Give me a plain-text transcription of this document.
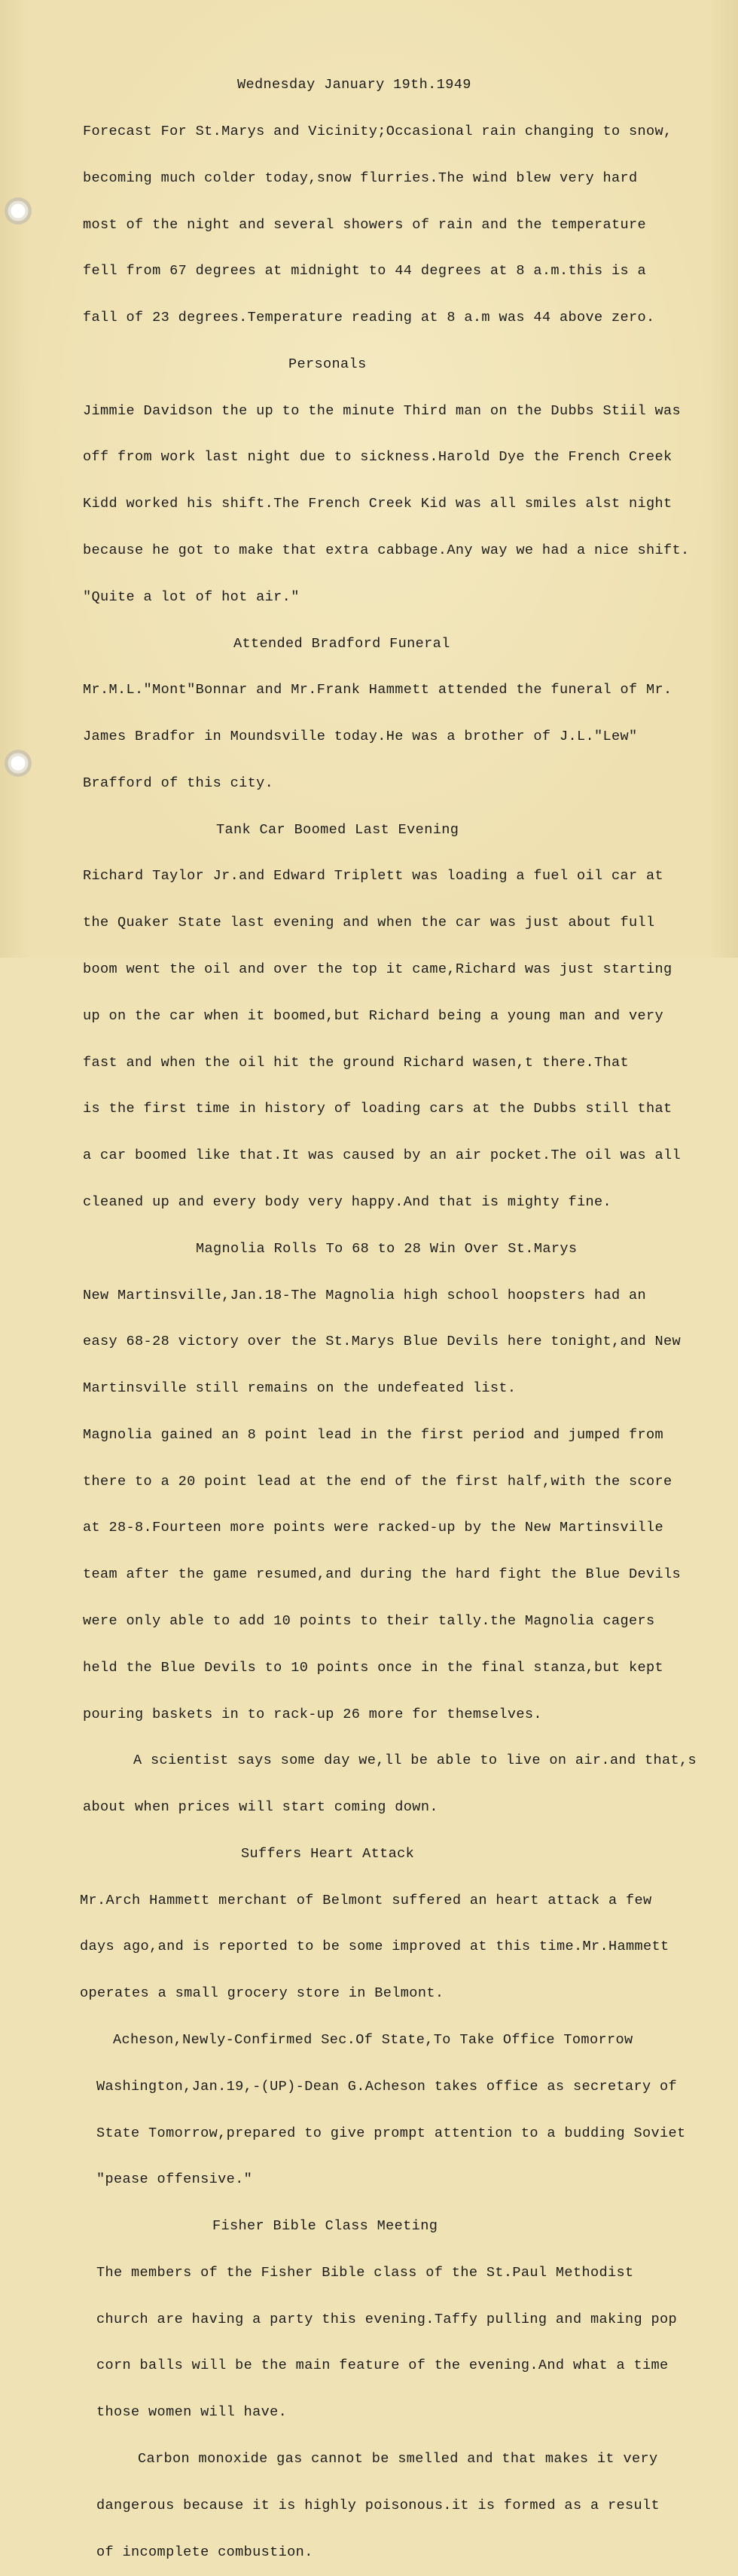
Wednesday January 19th.1949

Forecast For St.Marys and Vicinity;Occasional rain changing to snow,

becoming much colder today,snow flurries.The wind blew very hard

most of the night and several showers of rain and the temperature

fell from 67 degrees at midnight to 44 degrees at 8 a.m.this is a

fall of 23 degrees.Temperature reading at 8 a.m was 44 above zero.

Personals

Jimmie Davidson the up to the minute Third man on the Dubbs Stiil was

off from work last night due to sickness.Harold Dye the French Creek

Kidd worked his shift.The French Creek Kid was all smiles alst night

because he got to make that extra cabbage.Any way we had a nice shift.

"Quite a lot of hot air."

Attended Bradford Funeral

Mr.M.L."Mont"Bonnar and Mr.Frank Hammett attended the funeral of Mr.

James Bradfor in Moundsville today.He was a brother of J.L."Lew"

Brafford of this city.

Tank Car Boomed Last Evening

Richard Taylor Jr.and Edward Triplett was loading a fuel oil car at

the Quaker State last evening and when the car was just about full

boom went the oil and over the top it came,Richard was just starting

up on the car when it boomed,but Richard being a young man and very

fast and when the oil hit the ground Richard wasen,t there.That

is the first time in history of loading cars at the Dubbs still that

a car boomed like that.It was caused by an air pocket.The oil was all

cleaned up and every body very happy.And that is mighty fine.

Magnolia Rolls To 68 to 28 Win Over St.Marys

New Martinsville,Jan.18-The Magnolia high school hoopsters had an

easy 68-28 victory over the St.Marys Blue Devils here tonight,and New

Martinsville still remains on the undefeated list.

Magnolia gained an 8 point lead in the first period and jumped from

there to a 20 point lead at the end of the first half,with the score

at 28-8.Fourteen more points were racked-up by the New Martinsville

team after the game resumed,and during the hard fight the Blue Devils

were only able to add 10 points to their tally.the Magnolia cagers

held the Blue Devils to 10 points once in the final stanza,but kept

pouring baskets in to rack-up 26 more for themselves.

A scientist says some day we,ll be able to live on air.and that,s

about when prices will start coming down.

Suffers Heart Attack

Mr.Arch Hammett merchant of Belmont suffered an heart attack a few

days ago,and is reported to be some improved at this time.Mr.Hammett

operates a small grocery store in Belmont.

Acheson,Newly-Confirmed Sec.Of State,To Take Office Tomorrow

Washington,Jan.19,-(UP)-Dean G.Acheson takes office as secretary of

State Tomorrow,prepared to give prompt attention to a budding Soviet

"pease offensive."

Fisher Bible Class Meeting

The members of the Fisher Bible class of the St.Paul Methodist

church are having a party this evening.Taffy pulling and making pop

corn balls will be the main feature of the evening.And what a time

those women will have.

Carbon monoxide gas cannot be smelled and that makes it very

dangerous because it is highly poisonous.it is formed as a result

of incomplete combustion.
